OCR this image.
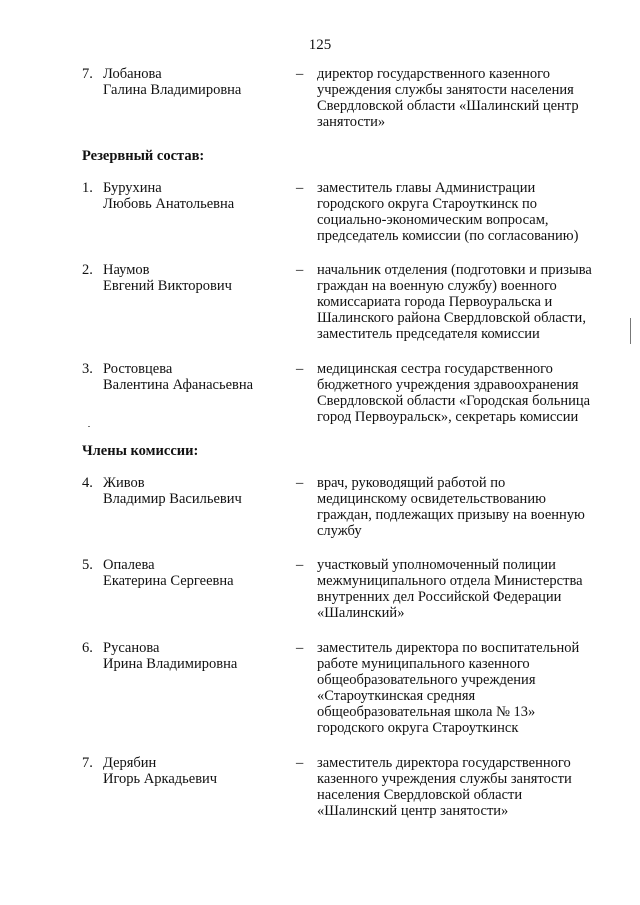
125
7. Лобанова
Галина Владимировна
– директор государственного казенного
учреждения службы занятости населения
Свердловской области «Шалинский центр
занятости»
Резервный состав:
1. Бурухина
Любовь Анатольевна
– заместитель главы Администрации
городского округа Староуткинск по
социально-экономическим вопросам,
председатель комиссии (по согласованию)
2. Наумов
Евгений Викторович
– начальник отделения (подготовки и призыва
граждан на военную службу) военного
комиссариата города Первоуральска и
Шалинского района Свердловской области,
заместитель председателя комиссии
3. Ростовцева
Валентина Афанасьевна
– медицинская сестра государственного
бюджетного учреждения здравоохранения
Свердловской области «Городская больница
город Первоуральск», секретарь комиссии
Члены комиссии:
4. Живов
Владимир Васильевич
– врач, руководящий работой по
медицинскому освидетельствованию
граждан, подлежащих призыву на военную
службу
5. Опалева
Екатерина Сергеевна
– участковый уполномоченный полиции
межмуниципального отдела Министерства
внутренних дел Российской Федерации
«Шалинский»
6. Русанова
Ирина Владимировна
– заместитель директора по воспитательной
работе муниципального казенного
общеобразовательного учреждения
«Староуткинская средняя
общеобразовательная школа № 13»
городского округа Староуткинск
7. Дерябин
Игорь Аркадьевич
– заместитель директора государственного
казенного учреждения службы занятости
населения Свердловской области
«Шалинский центр занятости»
